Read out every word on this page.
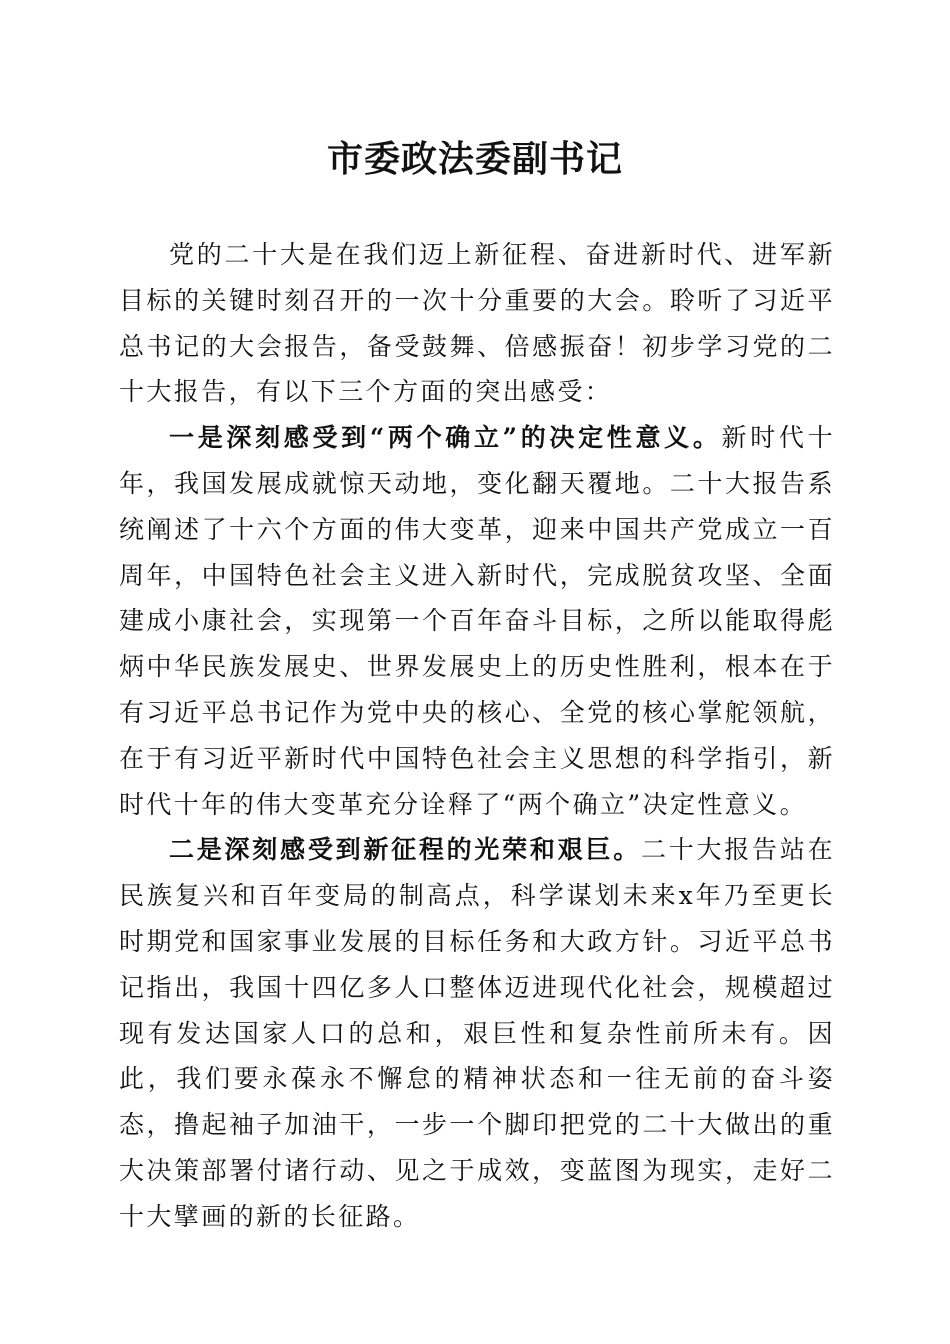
市委政法委副书记

党的二十大是在我们迈上新征程、奋进新时代、进军新目标的关键时刻召开的一次十分重要的大会。聆听了习近平总书记的大会报告，备受鼓舞、倍感振奋！初步学习党的二十大报告，有以下三个方面的突出感受：

一是深刻感受到“两个确立”的决定性意义。新时代十年，我国发展成就惊天动地，变化翻天覆地。二十大报告系统阐述了十六个方面的伟大变革，迎来中国共产党成立一百周年，中国特色社会主义进入新时代，完成脱贫攻坚、全面建成小康社会，实现第一个百年奋斗目标，之所以能取得彪炳中华民族发展史、世界发展史上的历史性胜利，根本在于有习近平总书记作为党中央的核心、全党的核心掌舵领航，在于有习近平新时代中国特色社会主义思想的科学指引，新时代十年的伟大变革充分诠释了“两个确立”决定性意义。

二是深刻感受到新征程的光荣和艰巨。二十大报告站在民族复兴和百年变局的制高点，科学谋划未来x年乃至更长时期党和国家事业发展的目标任务和大政方针。习近平总书记指出，我国十四亿多人口整体迈进现代化社会，规模超过现有发达国家人口的总和，艰巨性和复杂性前所未有。因此，我们要永葆永不懈怠的精神状态和一往无前的奋斗姿态，撸起袖子加油干，一步一个脚印把党的二十大做出的重大决策部署付诸行动、见之于成效，变蓝图为现实，走好二十大擘画的新的长征路。
